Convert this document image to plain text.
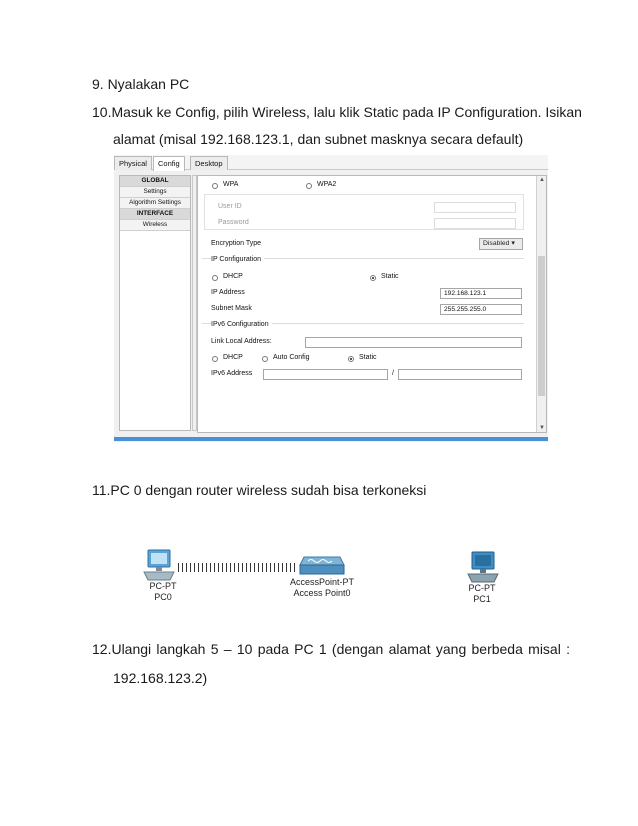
9. Nyalakan PC
10.Masuk ke Config, pilih Wireless, lalu klik Static pada IP Configuration. Isikan
alamat (misal 192.168.123.1, dan subnet masknya secara default)
Physical	Config	Desktop
GLOBAL
Settings
Algorithm Settings
INTERFACE
Wireless
WPA	WPA2
User ID
Password
Encryption Type	Disabled ▾
IP Configuration
DHCP	Static
IP Address	192.168.123.1
Subnet Mask	255.255.255.0
IPv6 Configuration
Link Local Address:
DHCP	Auto Config	Static
IPv6 Address	/
▲
▼
11.PC 0 dengan router wireless sudah bisa terkoneksi
PC-PT
PC0
AccessPoint-PT
Access Point0	PC-PT
PC1
12.Ulangi langkah 5 – 10 pada PC 1 (dengan alamat yang berbeda misal :
192.168.123.2)
